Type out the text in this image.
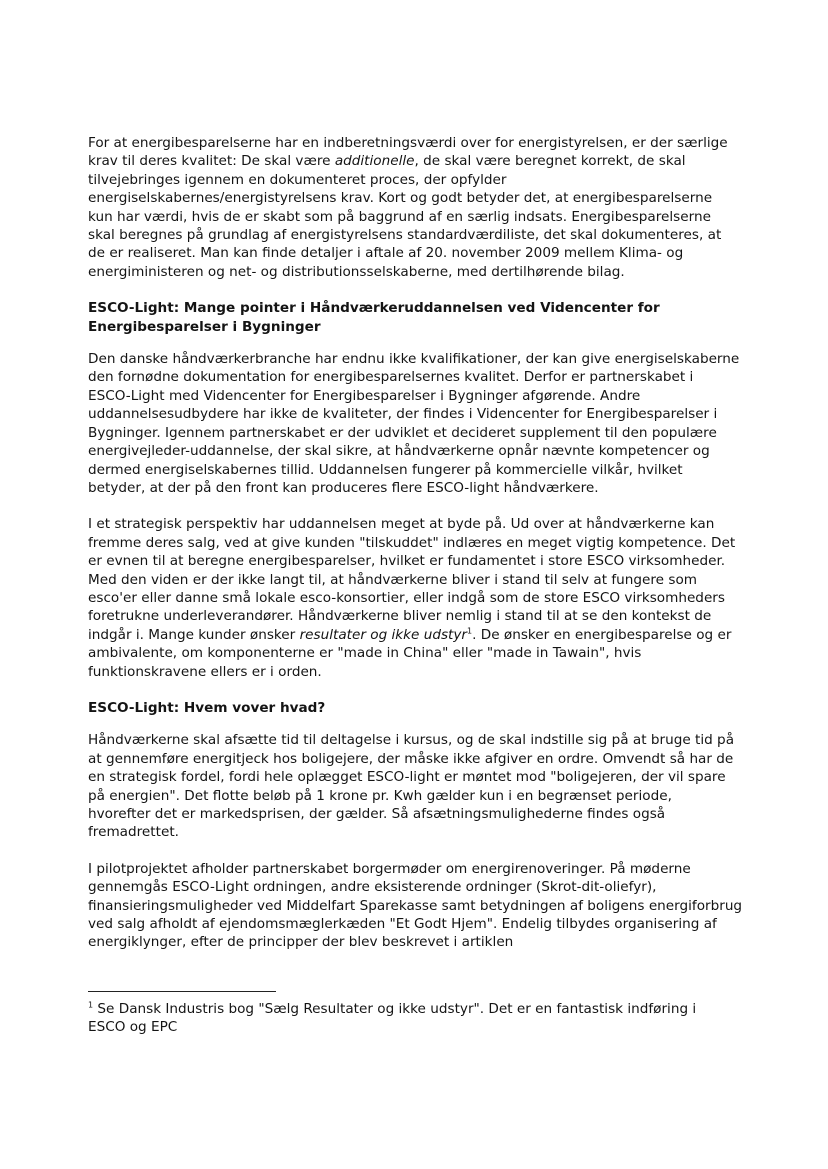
For at energibesparelserne har en indberetningsværdi over for energistyrelsen, er der særlige
krav til deres kvalitet: De skal være additionelle, de skal være beregnet korrekt, de skal
tilvejebringes igennem en dokumenteret proces, der opfylder
energiselskabernes/energistyrelsens krav. Kort og godt betyder det, at energibesparelserne
kun har værdi, hvis de er skabt som på baggrund af en særlig indsats. Energibesparelserne
skal beregnes på grundlag af energistyrelsens standardværdiliste, det skal dokumenteres, at
de er realiseret. Man kan finde detaljer i aftale af 20. november 2009 mellem Klima- og
energiministeren og net- og distributionsselskaberne, med dertilhørende bilag.

ESCO-Light: Mange pointer i Håndværkeruddannelsen ved Videncenter for
Energibesparelser i Bygninger

Den danske håndværkerbranche har endnu ikke kvalifikationer, der kan give energiselskaberne
den fornødne dokumentation for energibesparelsernes kvalitet. Derfor er partnerskabet i
ESCO-Light med Videncenter for Energibesparelser i Bygninger afgørende. Andre
uddannelsesudbydere har ikke de kvaliteter, der findes i Videncenter for Energibesparelser i
Bygninger. Igennem partnerskabet er der udviklet et decideret supplement til den populære
energivejleder-uddannelse, der skal sikre, at håndværkerne opnår nævnte kompetencer og
dermed energiselskabernes tillid. Uddannelsen fungerer på kommercielle vilkår, hvilket
betyder, at der på den front kan produceres flere ESCO-light håndværkere.

I et strategisk perspektiv har uddannelsen meget at byde på. Ud over at håndværkerne kan
fremme deres salg, ved at give kunden "tilskuddet" indlæres en meget vigtig kompetence. Det
er evnen til at beregne energibesparelser, hvilket er fundamentet i store ESCO virksomheder.
Med den viden er der ikke langt til, at håndværkerne bliver i stand til selv at fungere som
esco'er eller danne små lokale esco-konsortier, eller indgå som de store ESCO virksomheders
foretrukne underleverandører. Håndværkerne bliver nemlig i stand til at se den kontekst de
indgår i. Mange kunder ønsker resultater og ikke udstyr$^1$. De ønsker en energibesparelse og er
ambivalente, om komponenterne er "made in China" eller "made in Tawain", hvis
funktionskravene ellers er i orden.

ESCO-Light: Hvem vover hvad?

Håndværkerne skal afsætte tid til deltagelse i kursus, og de skal indstille sig på at bruge tid på
at gennemføre energitjeck hos boligejere, der måske ikke afgiver en ordre. Omvendt så har de
en strategisk fordel, fordi hele oplægget ESCO-light er møntet mod "boligejeren, der vil spare
på energien". Det flotte beløb på 1 krone pr. Kwh gælder kun i en begrænset periode,
hvorefter det er markedsprisen, der gælder. Så afsætningsmulighederne findes også
fremadrettet.

I pilotprojektet afholder partnerskabet borgermøder om energirenoveringer. På møderne
gennemgås ESCO-Light ordningen, andre eksisterende ordninger (Skrot-dit-oliefyr),
finansieringsmuligheder ved Middelfart Sparekasse samt betydningen af boligens energiforbrug
ved salg afholdt af ejendomsmæglerkæden "Et Godt Hjem". Endelig tilbydes organisering af
energiklynger, efter de principper der blev beskrevet i artiklen

$^1$ Se Dansk Industris bog "Sælg Resultater og ikke udstyr". Det er en fantastisk indføring i
ESCO og EPC
